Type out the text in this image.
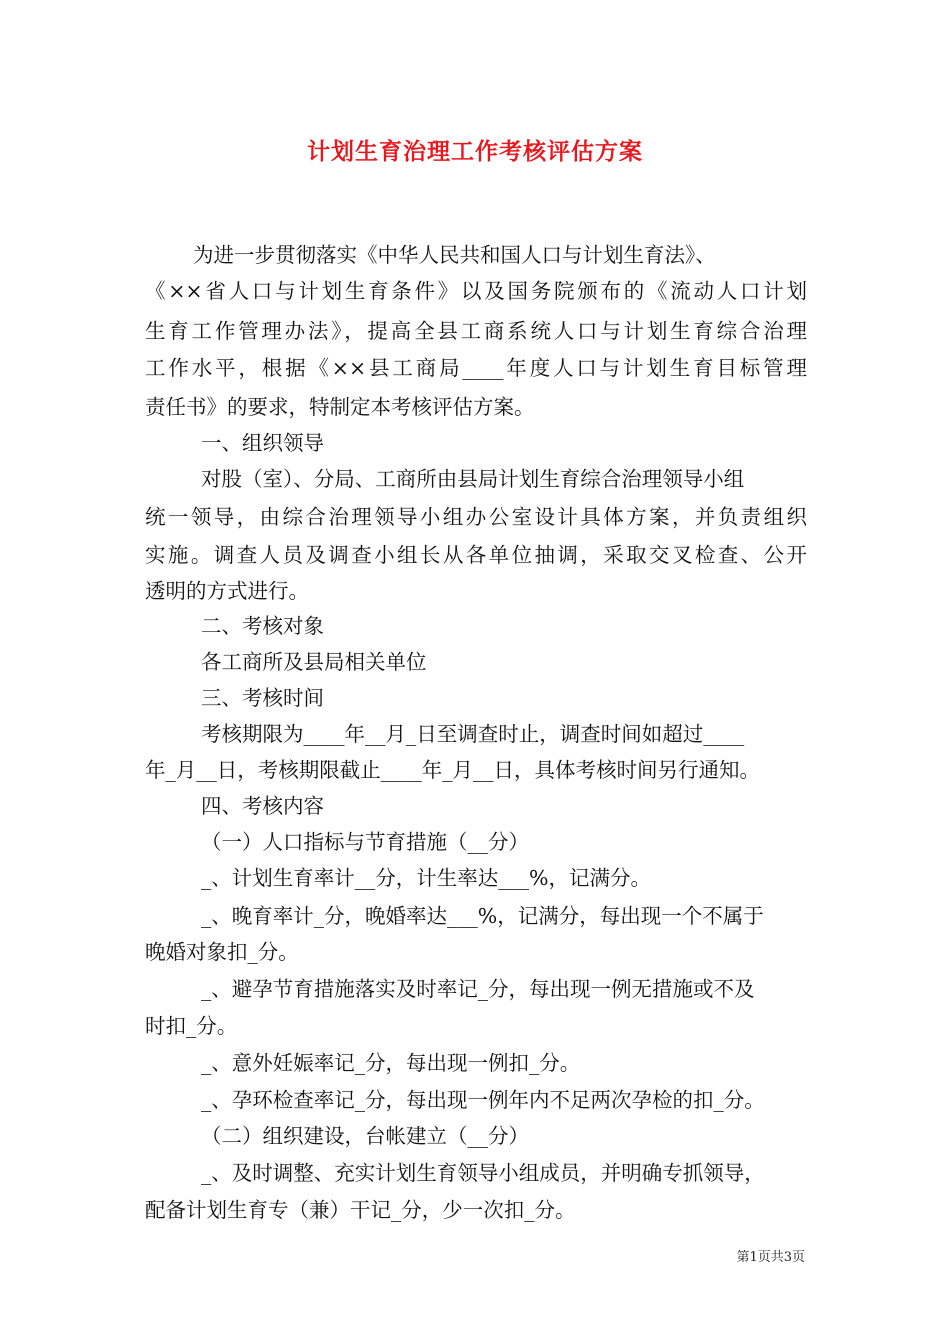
计划生育治理工作考核评估方案
为进一步贯彻落实《中华人民共和国人口与计划生育法》、
《××省人口与计划生育条件》以及国务院颁布的《流动人口计划
生育工作管理办法》，提高全县工商系统人口与计划生育综合治理
工作水平，根据《××县工商局____年度人口与计划生育目标管理
责任书》的要求，特制定本考核评估方案。
一、组织领导
对股（室）、分局、工商所由县局计划生育综合治理领导小组
统一领导，由综合治理领导小组办公室设计具体方案，并负责组织
实施。调查人员及调查小组长从各单位抽调，采取交叉检查、公开
透明的方式进行。
二、考核对象
各工商所及县局相关单位
三、考核时间
考核期限为____年__月_日至调查时止，调查时间如超过____
年_月__日，考核期限截止____年_月__日，具体考核时间另行通知。
四、考核内容
（一）人口指标与节育措施（__分）
_、计划生育率计__分，计生率达___%，记满分。
_、晚育率计_分，晚婚率达___%，记满分，每出现一个不属于
晚婚对象扣_分。
_、避孕节育措施落实及时率记_分，每出现一例无措施或不及
时扣_分。
_、意外妊娠率记_分，每出现一例扣_分。
_、孕环检查率记_分，每出现一例年内不足两次孕检的扣_分。
（二）组织建设，台帐建立（__分）
_、及时调整、充实计划生育领导小组成员，并明确专抓领导，
配备计划生育专（兼）干记_分，少一次扣_分。
第1页共3页
